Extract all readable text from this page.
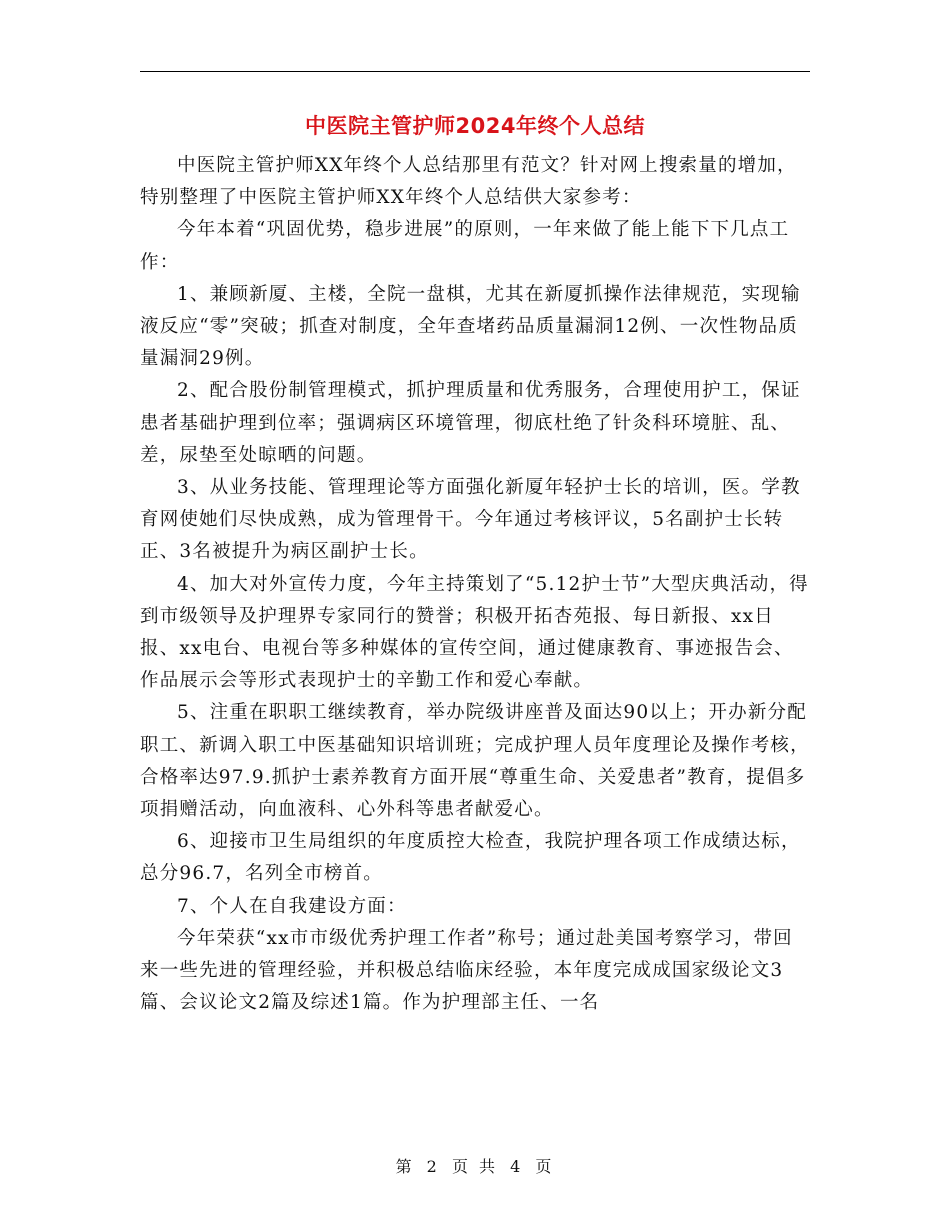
中医院主管护师2024年终个人总结

中医院主管护师XX年终个人总结那里有范文？针对网上搜索量的增加，特别整理了中医院主管护师XX年终个人总结供大家参考：

今年本着“巩固优势，稳步进展”的原则，一年来做了能上能下下几点工作：

1、兼顾新厦、主楼，全院一盘棋，尤其在新厦抓操作法律规范，实现输液反应“零”突破；抓查对制度，全年查堵药品质量漏洞12例、一次性物品质量漏洞29例。

2、配合股份制管理模式，抓护理质量和优秀服务，合理使用护工，保证患者基础护理到位率；强调病区环境管理，彻底杜绝了针灸科环境脏、乱、差，尿垫至处晾晒的问题。

3、从业务技能、管理理论等方面强化新厦年轻护士长的培训，医。学教育网使她们尽快成熟，成为管理骨干。今年通过考核评议，5名副护士长转正、3名被提升为病区副护士长。

4、加大对外宣传力度，今年主持策划了“5.12护士节”大型庆典活动，得到市级领导及护理界专家同行的赞誉；积极开拓杏苑报、每日新报、xx日报、xx电台、电视台等多种媒体的宣传空间，通过健康教育、事迹报告会、作品展示会等形式表现护士的辛勤工作和爱心奉献。

5、注重在职职工继续教育，举办院级讲座普及面达90以上；开办新分配职工、新调入职工中医基础知识培训班；完成护理人员年度理论及操作考核，合格率达97.9.抓护士素养教育方面开展“尊重生命、关爱患者”教育，提倡多项捐赠活动，向血液科、心外科等患者献爱心。

6、迎接市卫生局组织的年度质控大检查，我院护理各项工作成绩达标，总分96.7，名列全市榜首。

7、个人在自我建设方面：

今年荣获“xx市市级优秀护理工作者”称号；通过赴美国考察学习，带回来一些先进的管理经验，并积极总结临床经验，本年度完成成国家级论文3篇、会议论文2篇及综述1篇。作为护理部主任、一名

第 2 页 共 4 页
